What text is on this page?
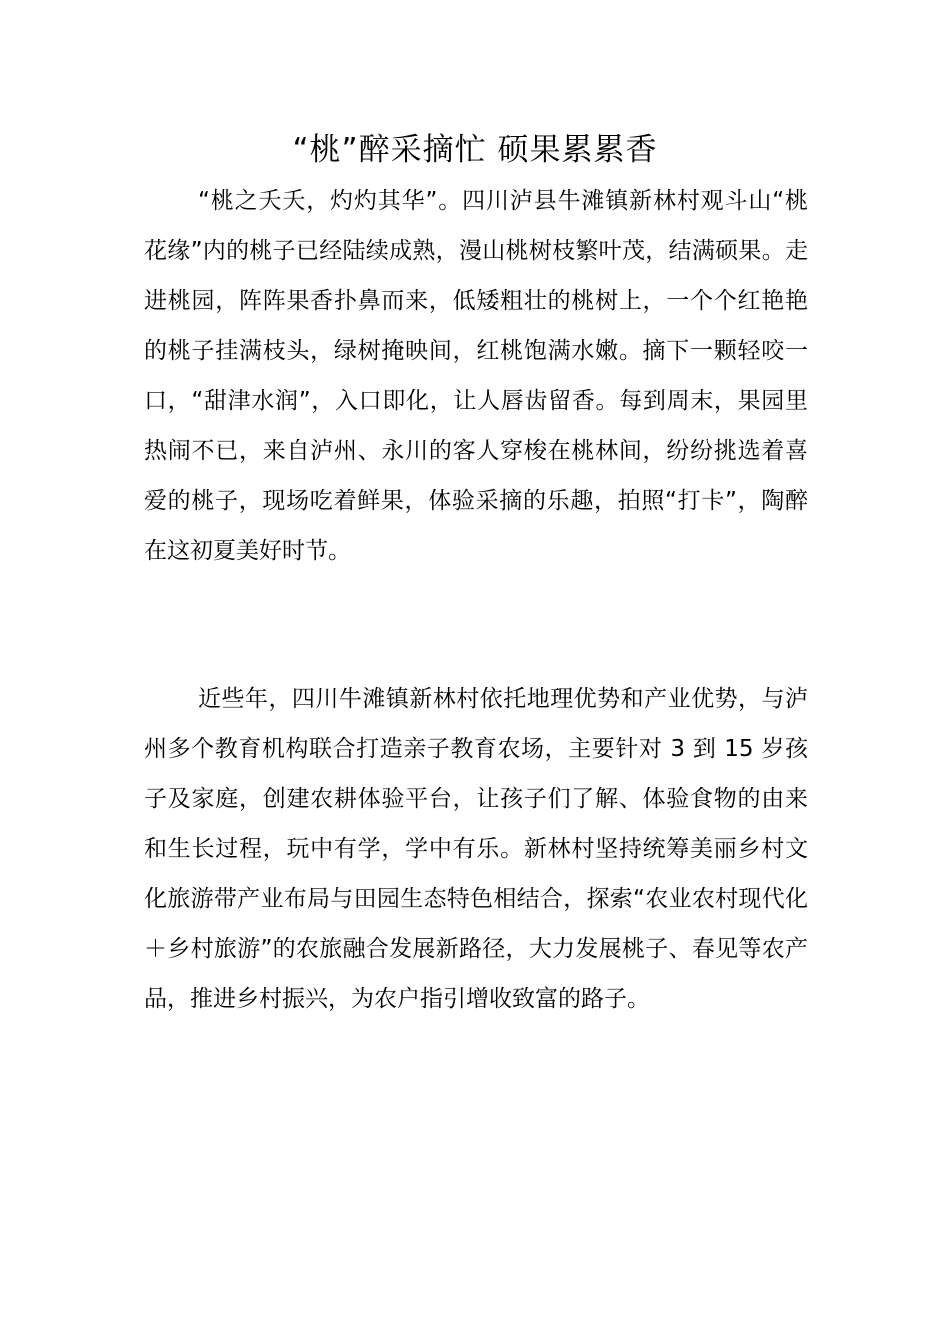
“桃”醉采摘忙 硕果累累香

“桃之夭夭，灼灼其华”。四川泸县牛滩镇新林村观斗山“桃花缘”内的桃子已经陆续成熟，漫山桃树枝繁叶茂，结满硕果。走进桃园，阵阵果香扑鼻而来，低矮粗壮的桃树上，一个个红艳艳的桃子挂满枝头，绿树掩映间，红桃饱满水嫩。摘下一颗轻咬一口，“甜津水润”，入口即化，让人唇齿留香。每到周末，果园里热闹不已，来自泸州、永川的客人穿梭在桃林间，纷纷挑选着喜爱的桃子，现场吃着鲜果，体验采摘的乐趣，拍照“打卡”，陶醉在这初夏美好时节。

近些年，四川牛滩镇新林村依托地理优势和产业优势，与泸州多个教育机构联合打造亲子教育农场，主要针对 3 到 15 岁孩子及家庭，创建农耕体验平台，让孩子们了解、体验食物的由来和生长过程，玩中有学，学中有乐。新林村坚持统筹美丽乡村文化旅游带产业布局与田园生态特色相结合，探索“农业农村现代化＋乡村旅游”的农旅融合发展新路径，大力发展桃子、春见等农产品，推进乡村振兴，为农户指引增收致富的路子。
